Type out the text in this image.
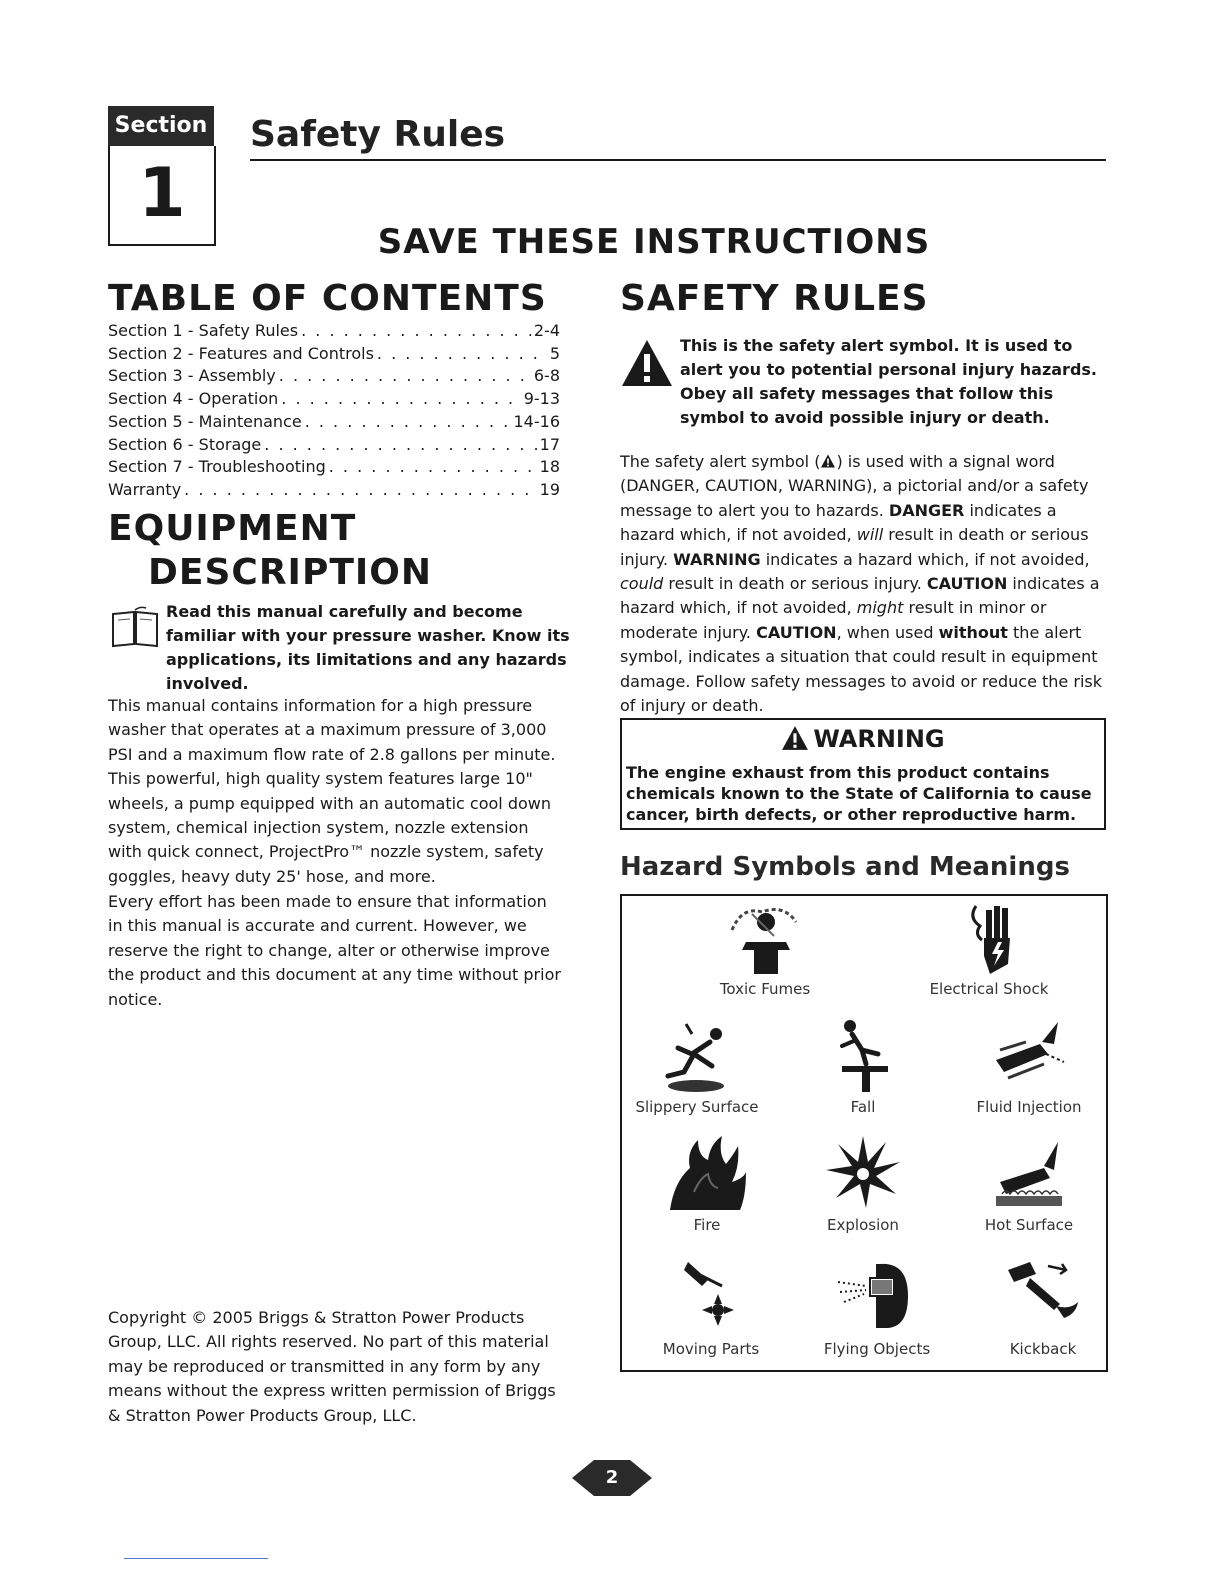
Section
1
Safety Rules
SAVE THESE INSTRUCTIONS
TABLE OF CONTENTS
Section 1 - Safety Rules . . .	2-4
Section 2 - Features and Controls . . .	5
Section 3 - Assembly . . .	6-8
Section 4 - Operation . . .	9-13
Section 5 - Maintenance . . .	14-16
Section 6 - Storage . . .	17
Section 7 - Troubleshooting . . .	18
Warranty . . .	19
EQUIPMENT
DESCRIPTION
Read this manual carefully and become familiar with your pressure washer. Know its applications, its limitations and any hazards involved.
This manual contains information for a high pressure washer that operates at a maximum pressure of 3,000 PSI and a maximum flow rate of 2.8 gallons per minute. This powerful, high quality system features large 10" wheels, a pump equipped with an automatic cool down system, chemical injection system, nozzle extension with quick connect, ProjectPro™ nozzle system, safety goggles, heavy duty 25' hose, and more.
Every effort has been made to ensure that information in this manual is accurate and current. However, we reserve the right to change, alter or otherwise improve the product and this document at any time without prior notice.
Copyright © 2005 Briggs & Stratton Power Products Group, LLC. All rights reserved. No part of this material may be reproduced or transmitted in any form by any means without the express written permission of Briggs & Stratton Power Products Group, LLC.
SAFETY RULES
This is the safety alert symbol. It is used to alert you to potential personal injury hazards. Obey all safety messages that follow this symbol to avoid possible injury or death.
The safety alert symbol ( ) is used with a signal word (DANGER, CAUTION, WARNING), a pictorial and/or a safety message to alert you to hazards. DANGER indicates a hazard which, if not avoided, will result in death or serious injury. WARNING indicates a hazard which, if not avoided, could result in death or serious injury. CAUTION indicates a hazard which, if not avoided, might result in minor or moderate injury. CAUTION, when used without the alert symbol, indicates a situation that could result in equipment damage. Follow safety messages to avoid or reduce the risk of injury or death.
WARNING
The engine exhaust from this product contains chemicals known to the State of California to cause cancer, birth defects, or other reproductive harm.
Hazard Symbols and Meanings
Toxic Fumes	Electrical Shock
Slippery Surface	Fall	Fluid Injection
Fire	Explosion	Hot Surface
Moving Parts	Flying Objects	Kickback
2
